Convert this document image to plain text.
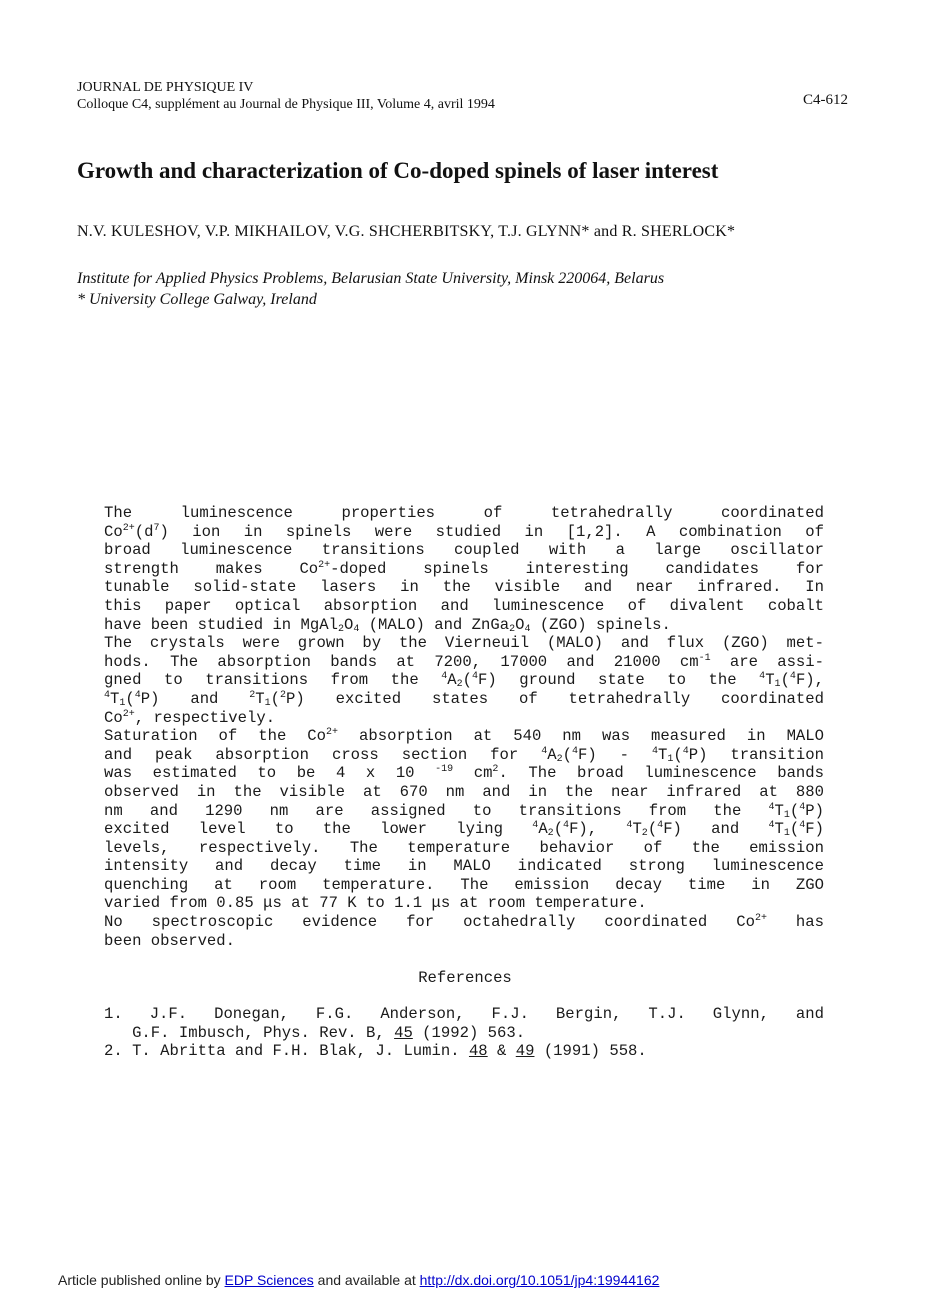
JOURNAL DE PHYSIQUE IV
Colloque C4, supplément au Journal de Physique III, Volume 4, avril 1994	C4-612
Growth and characterization of Co-doped spinels of laser interest
N.V. KULESHOV, V.P. MIKHAILOV, V.G. SHCHERBITSKY, T.J. GLYNN* and R. SHERLOCK*
Institute for Applied Physics Problems, Belarusian State University, Minsk 220064, Belarus
* University College Galway, Ireland
The luminescence properties of tetrahedrally coordinated
$Co^{2+}(d^7)$ ion in spinels were studied in [1,2]. A combination of
broad luminescence transitions coupled with a large oscillator
strength makes $Co^{2+}$-doped spinels interesting candidates for
tunable solid-state lasers in the visible and near infrared. In
this paper optical absorption and luminescence of divalent cobalt
have been studied in $MgAl_2O_4$ (MALO) and $ZnGa_2O_4$ (ZGO) spinels.
The crystals were grown by the Vierneuil (MALO) and flux (ZGO) met-
hods. The absorption bands at 7200, 17000 and 21000 $cm^{-1}$ are assi-
gned to transitions from the $^4A_2(^4F)$ ground state to the $^4T_1(^4F)$,
$^4T_1(^4P)$ and $^2T_1(^2P)$ excited states of tetrahedrally coordinated
$Co^{2+}$, respectively.
Saturation of the $Co^{2+}$ absorption at 540 nm was measured in MALO
and peak absorption cross section for $^4A_2(^4F) - ^4T_1(^4P)$ transition
was estimated to be 4 x 10 $^{-19}$ $cm^2$. The broad luminescence bands
observed in the visible at 670 nm and in the near infrared at 880
nm and 1290 nm are assigned to transitions from the	$^4T_1(^4P)$
excited level to the lower lying	$^4A_2(^4F)$, $^4T_2(^4F)$ and $^4T_1(^4F)$
levels, respectively. The temperature behavior of the emission
intensity and decay time in MALO indicated strong luminescence
quenching at room temperature. The emission decay time in ZGO
varied from 0.85 μs at 77 K to 1.1 μs at room temperature.
No spectroscopic evidence for octahedrally coordinated $Co^{2+}$ has
been observed.
References
1. J.F. Donegan, F.G. Anderson, F.J. Bergin, T.J. Glynn, and
G.F. Imbusch, Phys. Rev. B, 45 (1992) 563.
2. T. Abritta and F.H. Blak, J. Lumin. 48 & 49 (1991) 558.
Article published online by EDP Sciences and available at http://dx.doi.org/10.1051/jp4:19944162
